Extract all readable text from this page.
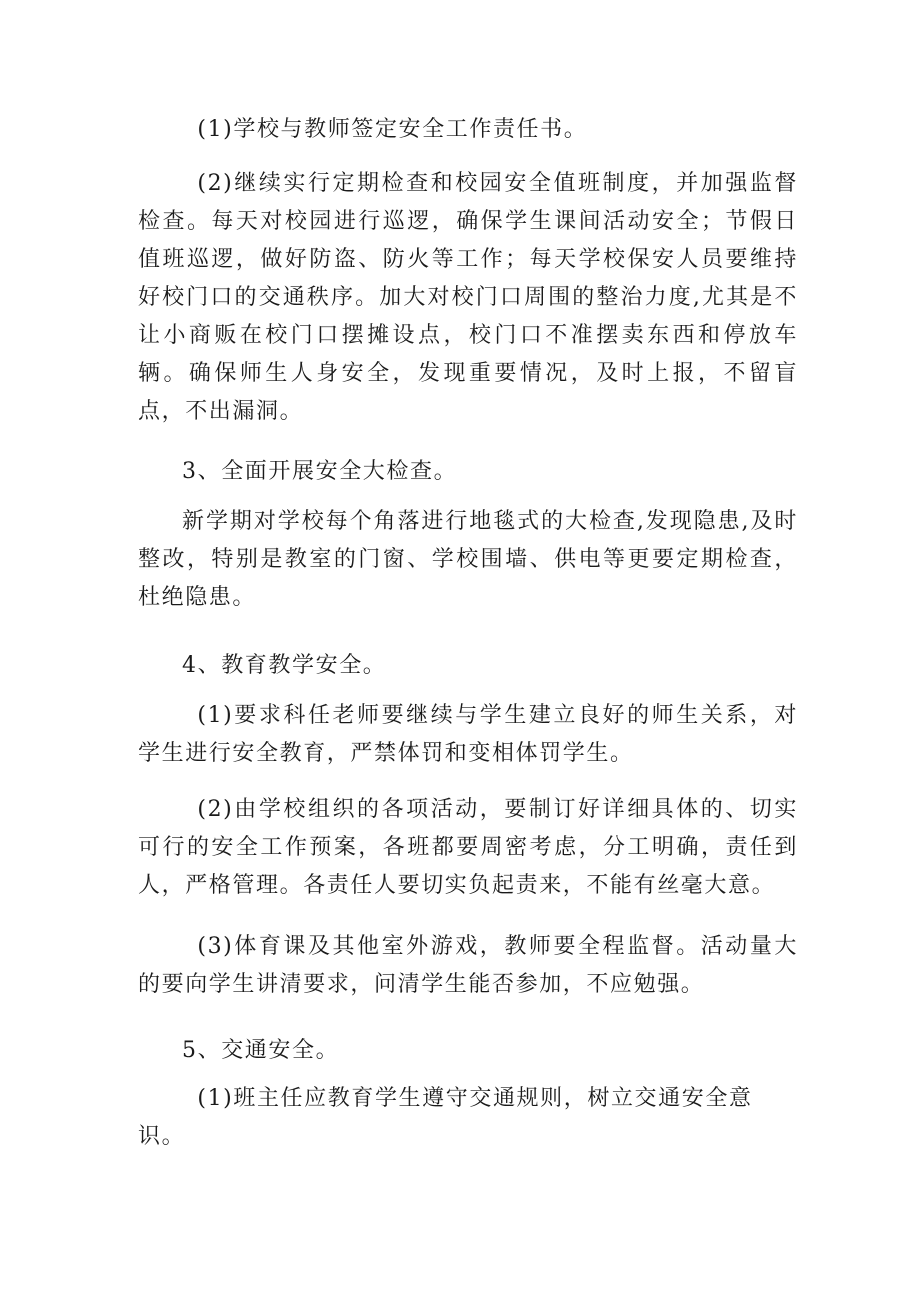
(1)学校与教师签定安全工作责任书。

(2)继续实行定期检查和校园安全值班制度，并加强监督检查。每天对校园进行巡逻，确保学生课间活动安全；节假日值班巡逻，做好防盗、防火等工作；每天学校保安人员要维持好校门口的交通秩序。加大对校门口周围的整治力度,尤其是不让小商贩在校门口摆摊设点，校门口不准摆卖东西和停放车辆。确保师生人身安全，发现重要情况，及时上报，不留盲点，不出漏洞。

3、全面开展安全大检查。

新学期对学校每个角落进行地毯式的大检查,发现隐患,及时整改，特别是教室的门窗、学校围墙、供电等更要定期检查，杜绝隐患。

4、教育教学安全。

(1)要求科任老师要继续与学生建立良好的师生关系，对学生进行安全教育，严禁体罚和变相体罚学生。

(2)由学校组织的各项活动，要制订好详细具体的、切实可行的安全工作预案，各班都要周密考虑，分工明确，责任到人，严格管理。各责任人要切实负起责来，不能有丝毫大意。

(3)体育课及其他室外游戏，教师要全程监督。活动量大的要向学生讲清要求，问清学生能否参加，不应勉强。

5、交通安全。

(1)班主任应教育学生遵守交通规则，树立交通安全意识。
